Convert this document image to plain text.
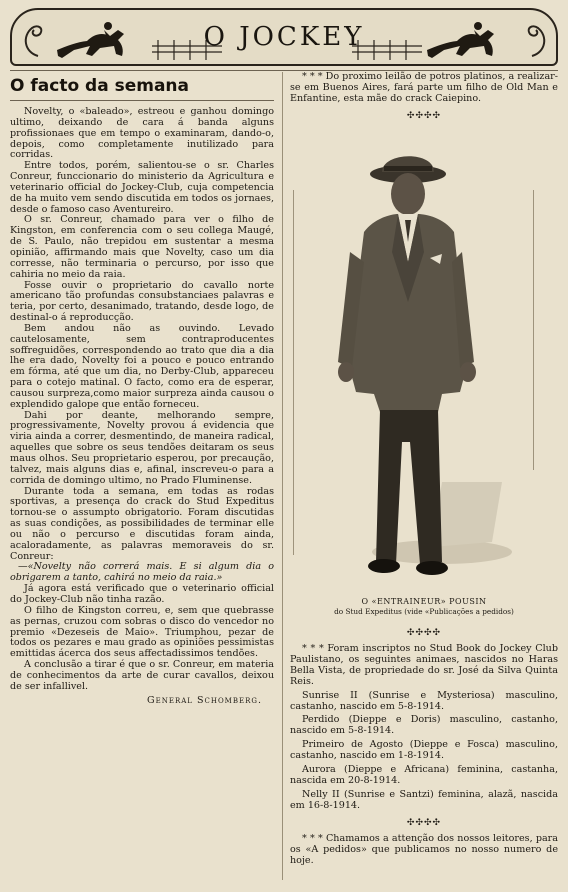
O JOCKEY
O facto da semana

Novelty, o «baleado», estreou e ganhou domingo ultimo, deixando de cara á banda alguns profissionaes que em tempo o examinaram, dando-o, depois, como completamente inutilizado para corridas.

Entre todos, porém, salientou-se o sr. Charles Conreur, funccionario do ministerio da Agricultura e veterinario official do Jockey-Club, cuja competencia de ha muito vem sendo discutida em todos os jornaes, desde o famoso caso Aventureiro.

O sr. Conreur, chamado para ver o filho de Kingston, em conferencia com o seu collega Maugé, de S. Paulo, não trepidou em sustentar a mesma opinião, affirmando mais que Novelty, caso um dia corresse, não terminaria o percurso, por isso que cahiria no meio da raia.

Fosse ouvir o proprietario do cavallo norte americano tão profundas consubstanciaes palavras e teria, por certo, desanimado, tratando, desde logo, de destinal-o á reproducção.

Bem andou não as ouvindo. Levado cautelosamente, sem contraproducentes soffreguidões, correspondendo ao trato que dia a dia lhe era dado, Novelty foi a pouco e pouco entrando em fórma, até que um dia, no Derby-Club, appareceu para o cotejo matinal. O facto, como era de esperar, causou surpreza,como maior surpreza ainda causou o explendido galope que então forneceu.

Dahi por deante, melhorando sempre, progressivamente, Novelty provou á evidencia que viria ainda a correr, desmentindo, de maneira radical, aquelles que sobre os seus tendões deitaram os seus maus olhos. Seu proprietario esperou, por precaução, talvez, mais alguns dias e, afinal, inscreveu-o para a corrida de domingo ultimo, no Prado Fluminense.

Durante toda a semana, em todas as rodas sportivas, a presença do crack do Stud Expeditus tornou-se o assumpto obrigatorio. Foram discutidas as suas condições, as possibilidades de terminar elle ou não o percurso e discutidas foram ainda, acaloradamente, as palavras memoraveis do sr. Conreur:

—«Novelty não correrá mais. E si algum dia o obrigarem a tanto, cahirá no meio da raia.»

Já agora está verificado que o veterinario official do Jockey-Club não tinha razão.

O filho de Kingston correu, e, sem que quebrasse as pernas, cruzou com sobras o disco do vencedor no premio «Dezeseis de Maio». Triumphou, pezar de todos os pezares e mau grado as opiniões pessimistas emittidas ácerca dos seus affectadissimos tendões.

A conclusão a tirar é que o sr. Conreur, em materia de conhecimentos da arte de curar cavallos, deixou de ser infallivel.

General Schomberg.

* * * Do proximo leilão de potros platinos, a realizar-se em Buenos Aires, fará parte um filho de Old Man e Enfantine, esta mãe do crack Caiepino.

✣✣✣✣
O «ENTRAINEUR» POUSIN
do Stud Expeditus (vide «Publicações a pedidos)
✣✣✣✣

* * * Foram inscriptos no Stud Book do Jockey Club Paulistano, os seguintes animaes, nascidos no Haras Bella Vista, de propriedade do sr. José da Silva Quinta Reis.

Sunrise II (Sunrise e Mysteriosa) masculino, castanho, nascido em 5-8-1914.

Perdido (Dieppe e Doris) masculino, castanho, nascido em 5-8-1914.

Primeiro de Agosto (Dieppe e Fosca) masculino, castanho, nascido em 1-8-1914.

Aurora (Dieppe e Africana) feminina, castanha, nascida em 20-8-1914.

Nelly II (Sunrise e Santzi) feminina, alazã, nascida em 16-8-1914.

✣✣✣✣

* * * Chamamos a attenção dos nossos leitores, para os «A pedidos» que publicamos no nosso numero de hoje.
